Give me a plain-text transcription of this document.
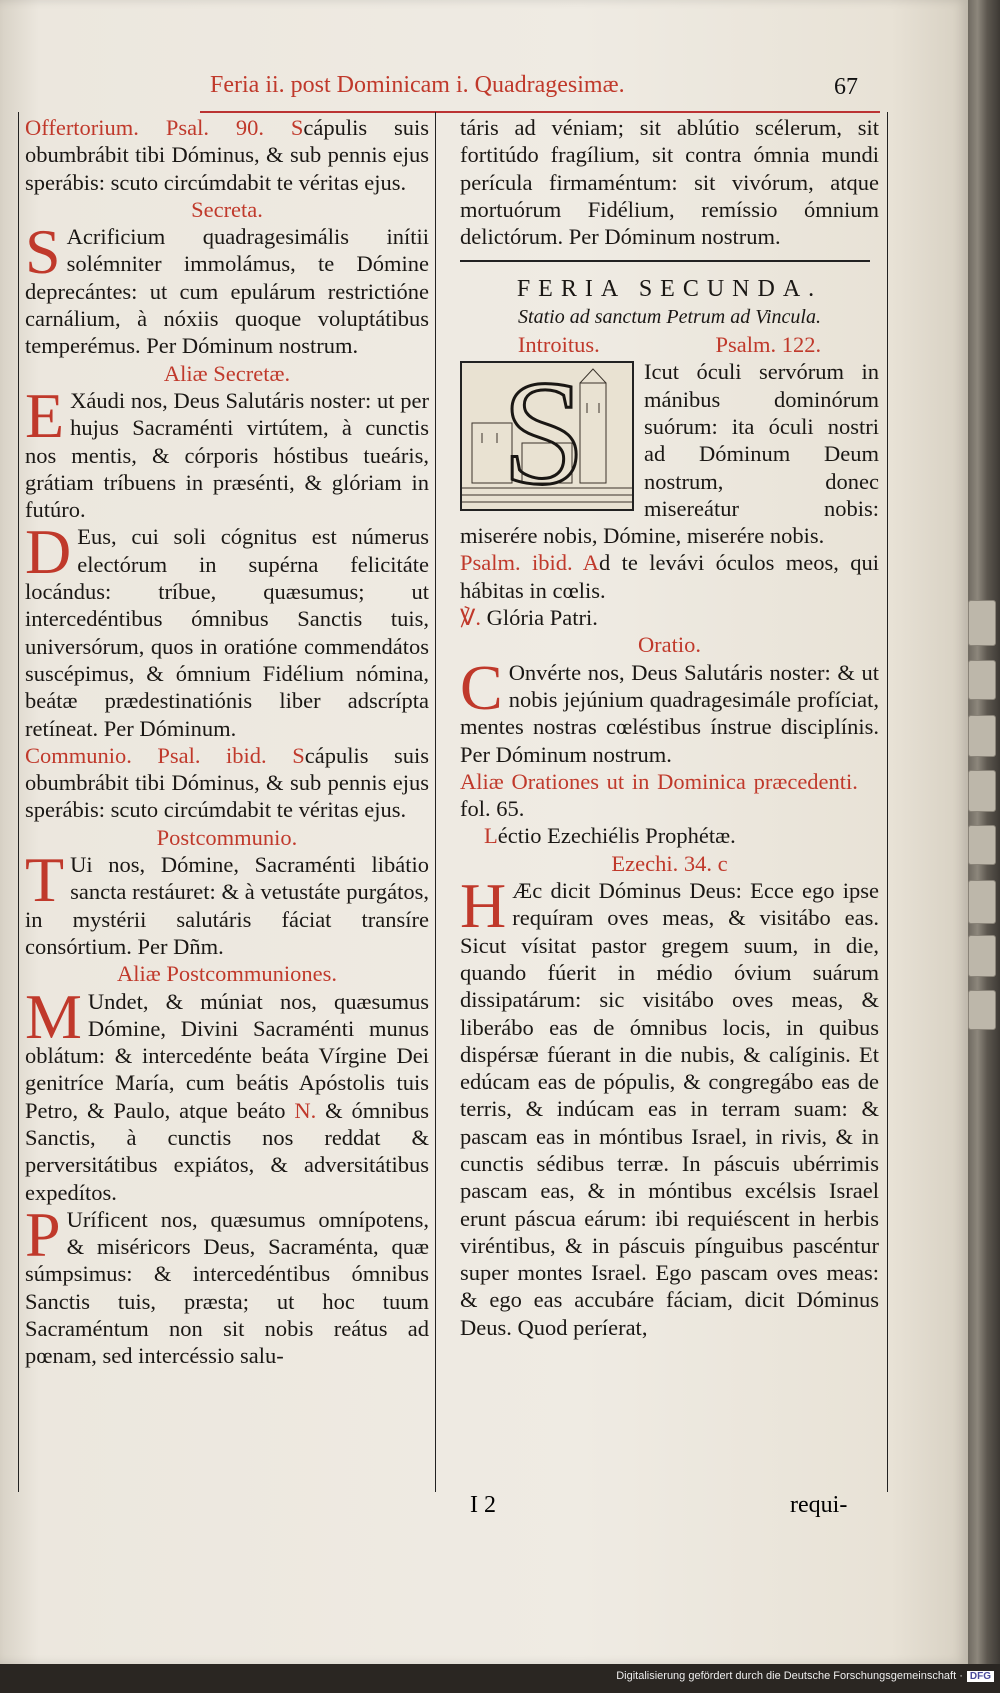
Feria ii. post Dominicam i. Quadragesimæ.	67

Offertorium. Psal. 90. Scápulis suis obumbrábit tibi Dóminus, & sub pennis ejus sperábis: scuto circúmdabit te véritas ejus.

Secreta.

S Acrificium quadragesimális inítii solémniter immolámus, te Dómine deprecántes: ut cum epulárum restrictióne carnálium, à nóxiis quoque voluptátibus temperémus. Per Dóminum nostrum.

Aliæ Secretæ.

E Xáudi nos, Deus Salutáris noster: ut per hujus Sacraménti virtútem, à cunctis nos mentis, & córporis hóstibus tueáris, grátiam tríbuens in præsénti, & glóriam in futúro.

D Eus, cui soli cógnitus est númerus electórum in supérna felicitáte locándus: tríbue, quæsumus; ut intercedéntibus ómnibus Sanctis tuis, universórum, quos in oratióne commendátos suscépimus, & ómnium Fidélium nómina, beátæ prædestinatiónis liber adscrípta retíneat. Per Dóminum.

Communio. Psal. ibid. Scápulis suis obumbrábit tibi Dóminus, & sub pennis ejus sperábis: scuto circúmdabit te véritas ejus.

Postcommunio.

T Ui nos, Dómine, Sacraménti libátio sancta restáuret: & à vetustáte purgátos, in mystérii salutáris fáciat transíre consórtium. Per Dñm.

Aliæ Postcommuniones.

M Undet, & múniat nos, quæsumus Dómine, Divini Sacraménti munus oblátum: & intercedénte beáta Vírgine Dei genitríce María, cum beátis Apóstolis tuis Petro, & Paulo, atque beáto N. & ómnibus Sanctis, à cunctis nos reddat & perversitátibus expiátos, & adversitátibus expedítos.

P Uríficent nos, quæsumus omnípotens, & miséricors Deus, Sacraménta, quæ súmpsimus: & intercedéntibus ómnibus Sanctis tuis, præsta; ut hoc tuum Sacraméntum non sit nobis reátus ad pœnam, sed intercéssio salu-

táris ad véniam; sit ablútio scélerum, sit fortitúdo fragílium, sit contra ómnia mundi perícula firmaméntum: sit vivórum, atque mortuórum Fidélium, remíssio ómnium delictórum. Per Dóminum nostrum.

FERIA SECUNDA.
Statio ad sanctum Petrum ad Vincula.
Introitus.	Psalm. 122.

S	Icut óculi servórum in mánibus dominórum suórum: ita óculi nostri ad Dóminum Deum nostrum, donec misereátur nobis: miserére nobis, Dómine, miserére nobis.

Psalm. ibid. Ad te levávi óculos meos, qui hábitas in cœlis.

℣. Glória Patri.

Oratio.

C Onvérte nos, Deus Salutáris noster: & ut nobis jejúnium quadragesimále profíciat, mentes nostras cœléstibus ínstrue disciplínis. Per Dóminum nostrum.

Aliæ Orationes ut in Dominica præcedenti.    fol. 65.

Léctio Ezechiélis Prophétæ.

Ezechi. 34. c

H Æc dicit Dóminus Deus: Ecce ego ipse requíram oves meas, & visitábo eas. Sicut vísitat pastor gregem suum, in die, quando fúerit in médio óvium suárum dissipatárum: sic visitábo oves meas, & liberábo eas de ómnibus locis, in quibus dispérsæ fúerant in die nubis, & calíginis. Et edúcam eas de pópulis, & congregábo eas de terris, & indúcam eas in terram suam: & pascam eas in móntibus Israel, in rivis, & in cunctis sédibus terræ. In páscuis ubérrimis pascam eas, & in móntibus excélsis Israel erunt páscua eárum: ibi requiéscent in herbis viréntibus, & in páscuis pínguibus pascéntur super montes Israel. Ego pascam oves meas: & ego eas accubáre fáciam, dicit Dóminus Deus. Quod períerat,

I 2	requi-
Digitalisierung gefördert durch die Deutsche Forschungsgemeinschaft · DFG
